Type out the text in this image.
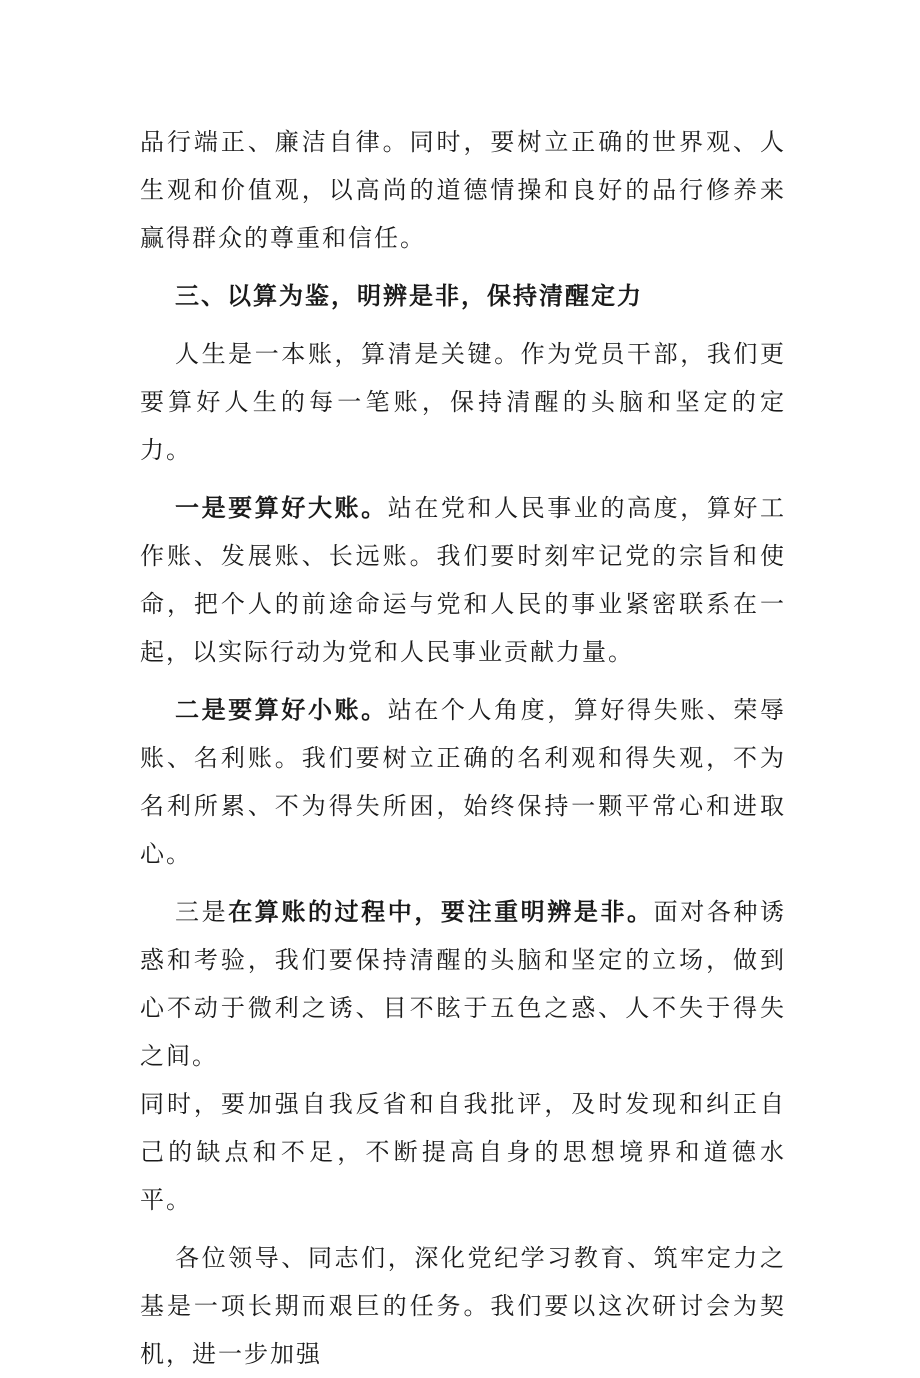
品行端正、廉洁自律。同时，要树立正确的世界观、人生观和价值观，以高尚的道德情操和良好的品行修养来赢得群众的尊重和信任。

三、以算为鉴，明辨是非，保持清醒定力

人生是一本账，算清是关键。作为党员干部，我们更要算好人生的每一笔账，保持清醒的头脑和坚定的定力。

一是要算好大账。站在党和人民事业的高度，算好工作账、发展账、长远账。我们要时刻牢记党的宗旨和使命，把个人的前途命运与党和人民的事业紧密联系在一起，以实际行动为党和人民事业贡献力量。

二是要算好小账。站在个人角度，算好得失账、荣辱账、名利账。我们要树立正确的名利观和得失观，不为名利所累、不为得失所困，始终保持一颗平常心和进取心。

三是在算账的过程中，要注重明辨是非。面对各种诱惑和考验，我们要保持清醒的头脑和坚定的立场，做到心不动于微利之诱、目不眩于五色之惑、人不失于得失之间。

同时，要加强自我反省和自我批评，及时发现和纠正自己的缺点和不足，不断提高自身的思想境界和道德水平。

各位领导、同志们，深化党纪学习教育、筑牢定力之基是一项长期而艰巨的任务。我们要以这次研讨会为契机，进一步加强
